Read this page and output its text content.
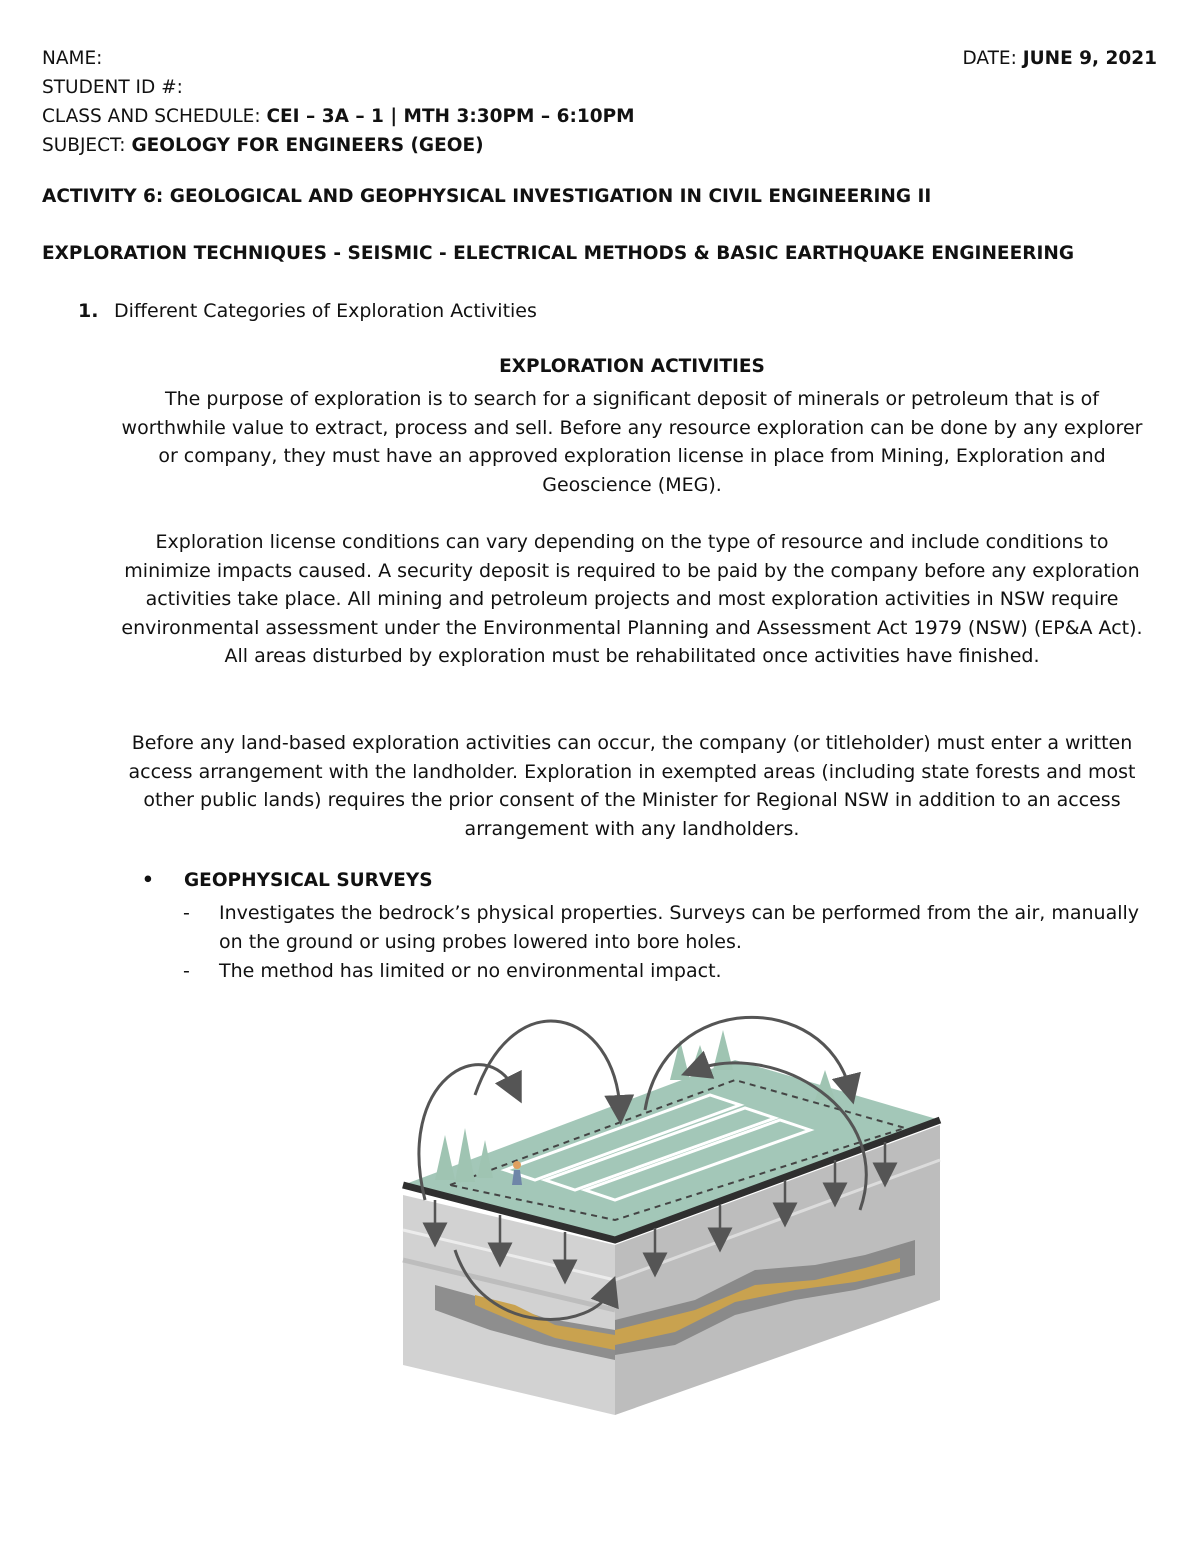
NAME:	DATE: JUNE 9, 2021
STUDENT ID #:
CLASS AND SCHEDULE: CEI – 3A – 1 | MTH 3:30PM – 6:10PM
SUBJECT: GEOLOGY FOR ENGINEERS (GEOE)
ACTIVITY 6: GEOLOGICAL AND GEOPHYSICAL INVESTIGATION IN CIVIL ENGINEERING II
EXPLORATION TECHNIQUES - SEISMIC - ELECTRICAL METHODS & BASIC EARTHQUAKE ENGINEERING
1. Different Categories of Exploration Activities
EXPLORATION ACTIVITIES
The purpose of exploration is to search for a significant deposit of minerals or petroleum that is of worthwhile value to extract, process and sell. Before any resource exploration can be done by any explorer or company, they must have an approved exploration license in place from Mining, Exploration and Geoscience (MEG).
Exploration license conditions can vary depending on the type of resource and include conditions to minimize impacts caused. A security deposit is required to be paid by the company before any exploration activities take place. All mining and petroleum projects and most exploration activities in NSW require environmental assessment under the Environmental Planning and Assessment Act 1979 (NSW) (EP&A Act). All areas disturbed by exploration must be rehabilitated once activities have finished.
Before any land-based exploration activities can occur, the company (or titleholder) must enter a written access arrangement with the landholder. Exploration in exempted areas (including state forests and most other public lands) requires the prior consent of the Minister for Regional NSW in addition to an access arrangement with any landholders.
• GEOPHYSICAL SURVEYS
- Investigates the bedrock’s physical properties. Surveys can be performed from the air, manually on the ground or using probes lowered into bore holes.
- The method has limited or no environmental impact.
